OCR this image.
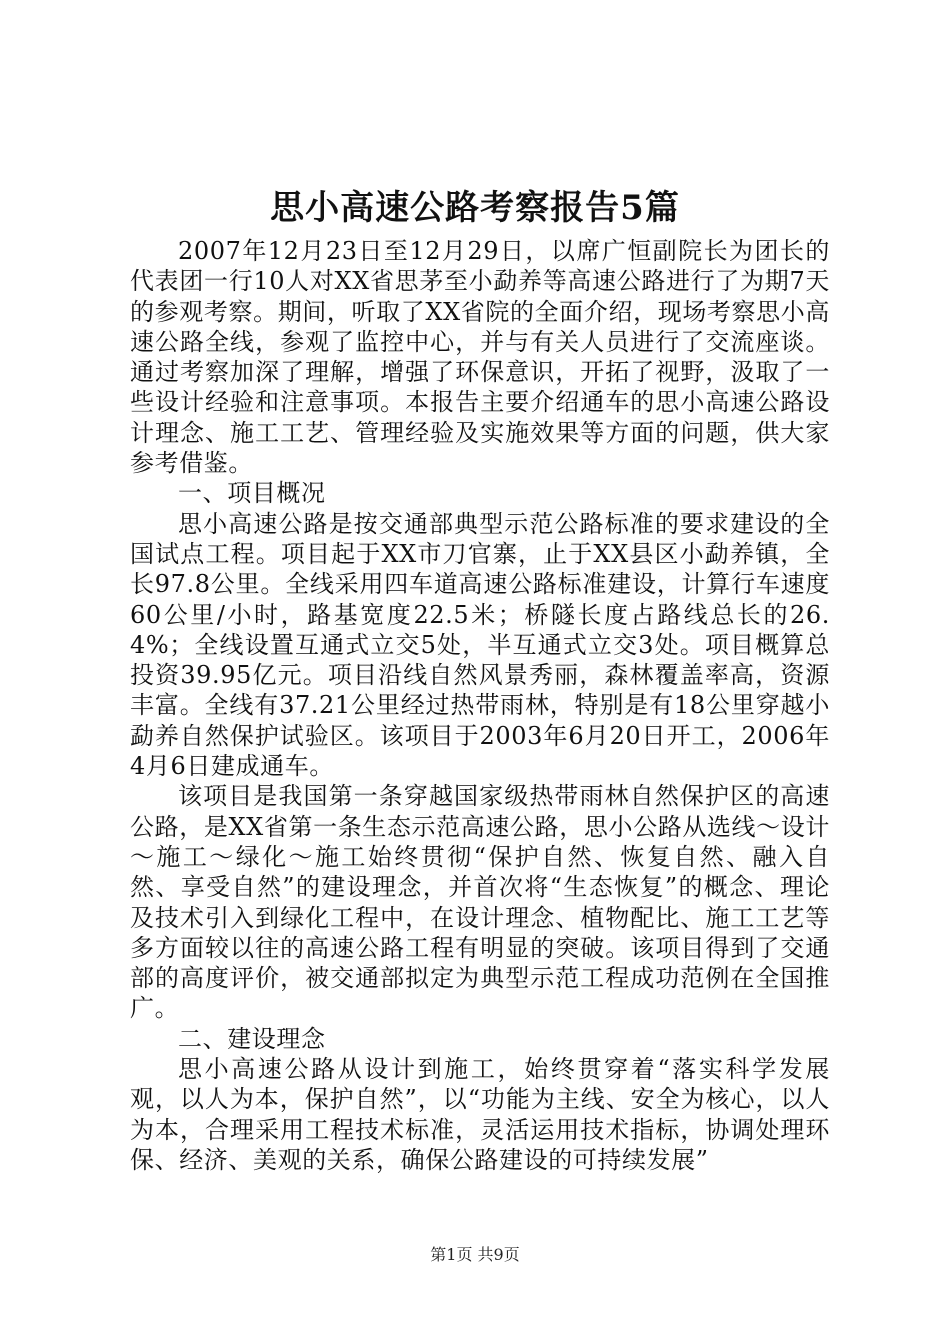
思小高速公路考察报告5篇

2007年12月23日至12月29日，以席广恒副院长为团长的代表团一行10人对XX省思茅至小勐养等高速公路进行了为期7天的参观考察。期间，听取了XX省院的全面介绍，现场考察思小高速公路全线，参观了监控中心，并与有关人员进行了交流座谈。通过考察加深了理解，增强了环保意识，开拓了视野，汲取了一些设计经验和注意事项。本报告主要介绍通车的思小高速公路设计理念、施工工艺、管理经验及实施效果等方面的问题，供大家参考借鉴。

一、项目概况

思小高速公路是按交通部典型示范公路标准的要求建设的全国试点工程。项目起于XX市刀官寨，止于XX县区小勐养镇，全长97.8公里。全线采用四车道高速公路标准建设，计算行车速度60公里/小时，路基宽度22.5米；桥隧长度占路线总长的26.4%；全线设置互通式立交5处，半互通式立交3处。项目概算总投资39.95亿元。项目沿线自然风景秀丽，森林覆盖率高，资源丰富。全线有37.21公里经过热带雨林，特别是有18公里穿越小勐养自然保护试验区。该项目于2003年6月20日开工，2006年4月6日建成通车。

该项目是我国第一条穿越国家级热带雨林自然保护区的高速公路，是XX省第一条生态示范高速公路，思小公路从选线～设计～施工～绿化～施工始终贯彻“保护自然、恢复自然、融入自然、享受自然”的建设理念，并首次将“生态恢复”的概念、理论及技术引入到绿化工程中，在设计理念、植物配比、施工工艺等多方面较以往的高速公路工程有明显的突破。该项目得到了交通部的高度评价，被交通部拟定为典型示范工程成功范例在全国推广。

二、建设理念

思小高速公路从设计到施工，始终贯穿着“落实科学发展观，以人为本，保护自然”，以“功能为主线、安全为核心，以人为本，合理采用工程技术标准，灵活运用技术指标，协调处理环保、经济、美观的关系，确保公路建设的可持续发展”

第1页 共9页
